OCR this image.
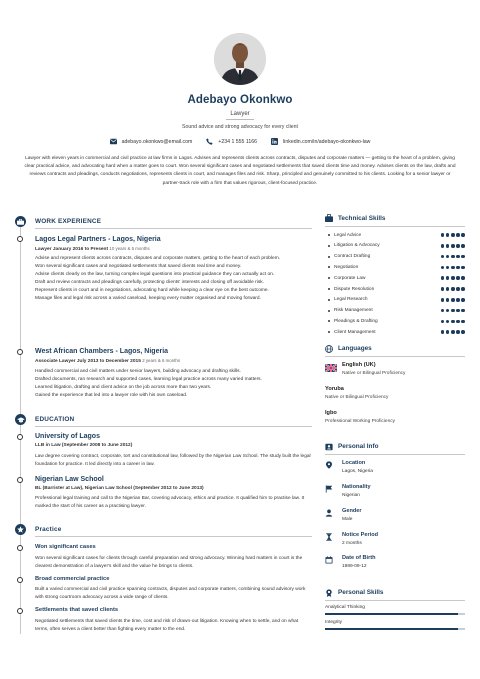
Adebayo Okonkwo
Lawyer
Sound advice and strong advocacy for every client
adebayo.okonkwo@email.com	+234 1 555 1166	linkedin.com/in/adebayo-okonkwo-law
Lawyer with eleven years in commercial and civil practice at law firms in Lagos. Advises and represents clients across contracts, disputes and corporate matters — getting to the heart of a problem, giving clear practical advice, and advocating hard when a matter goes to court. Won several significant cases and negotiated settlements that saved clients time and money. Advises clients on the law, drafts and reviews contracts and pleadings, conducts negotiations, represents clients in court, and manages files and risk. Sharp, principled and genuinely committed to his clients. Looking for a senior lawyer or partner-track role with a firm that values rigorous, client-focused practice.
WORK EXPERIENCE
Lagos Legal Partners - Lagos, Nigeria
Lawyer January 2016 to Present 10 years & 5 months

Advise and represent clients across contracts, disputes and corporate matters, getting to the heart of each problem.

Won several significant cases and negotiated settlements that saved clients real time and money.

Advise clients clearly on the law, turning complex legal questions into practical guidance they can actually act on.

Draft and review contracts and pleadings carefully, protecting clients' interests and closing off avoidable risk.

Represent clients in court and in negotiations, advocating hard while keeping a clear eye on the best outcome.

Manage files and legal risk across a varied caseload, keeping every matter organised and moving forward.

West African Chambers - Lagos, Nigeria
Associate Lawyer July 2013 to December 2015 2 years & 6 months

Handled commercial and civil matters under senior lawyers, building advocacy and drafting skills.

Drafted documents, ran research and supported cases, learning legal practice across many varied matters.

Learned litigation, drafting and client advice on the job across more than two years.

Gained the experience that led into a lawyer role with his own caseload.

EDUCATION
University of Lagos
LLB in Law (September 2008 to June 2012)
Law degree covering contract, corporate, tort and constitutional law, followed by the Nigerian Law School. The study built the legal foundation for practice. It led directly into a career in law.
Nigerian Law School
BL (Barrister at Law), Nigerian Law School (September 2012 to June 2013)
Professional legal training and call to the Nigerian Bar, covering advocacy, ethics and practice. It qualified him to practise law. It marked the start of his career as a practising lawyer.
Practice
Won significant cases
Won several significant cases for clients through careful preparation and strong advocacy. Winning hard matters in court is the clearest demonstration of a lawyer's skill and the value he brings to clients.
Broad commercial practice
Built a varied commercial and civil practice spanning contracts, disputes and corporate matters, combining sound advisory work with strong courtroom advocacy across a wide range of clients.
Settlements that saved clients
Negotiated settlements that saved clients the time, cost and risk of drawn-out litigation. Knowing when to settle, and on what terms, often serves a client better than fighting every matter to the end.
Technical Skills
Legal Advice
Litigation & Advocacy
Contract Drafting
Negotiation
Corporate Law
Dispute Resolution
Legal Research
Risk Management
Pleadings & Drafting
Client Management
Languages
English (UK)
Native or Bilingual Proficiency
Yoruba
Native or Bilingual Proficiency
Igbo
Professional Working Proficiency
Personal Info
Location
Lagos, Nigeria
Nationality
Nigerian
Gender
Male
Notice Period
2 months
Date of Birth
1989-09-12
Personal Skills
Analytical Thinking
Integrity
